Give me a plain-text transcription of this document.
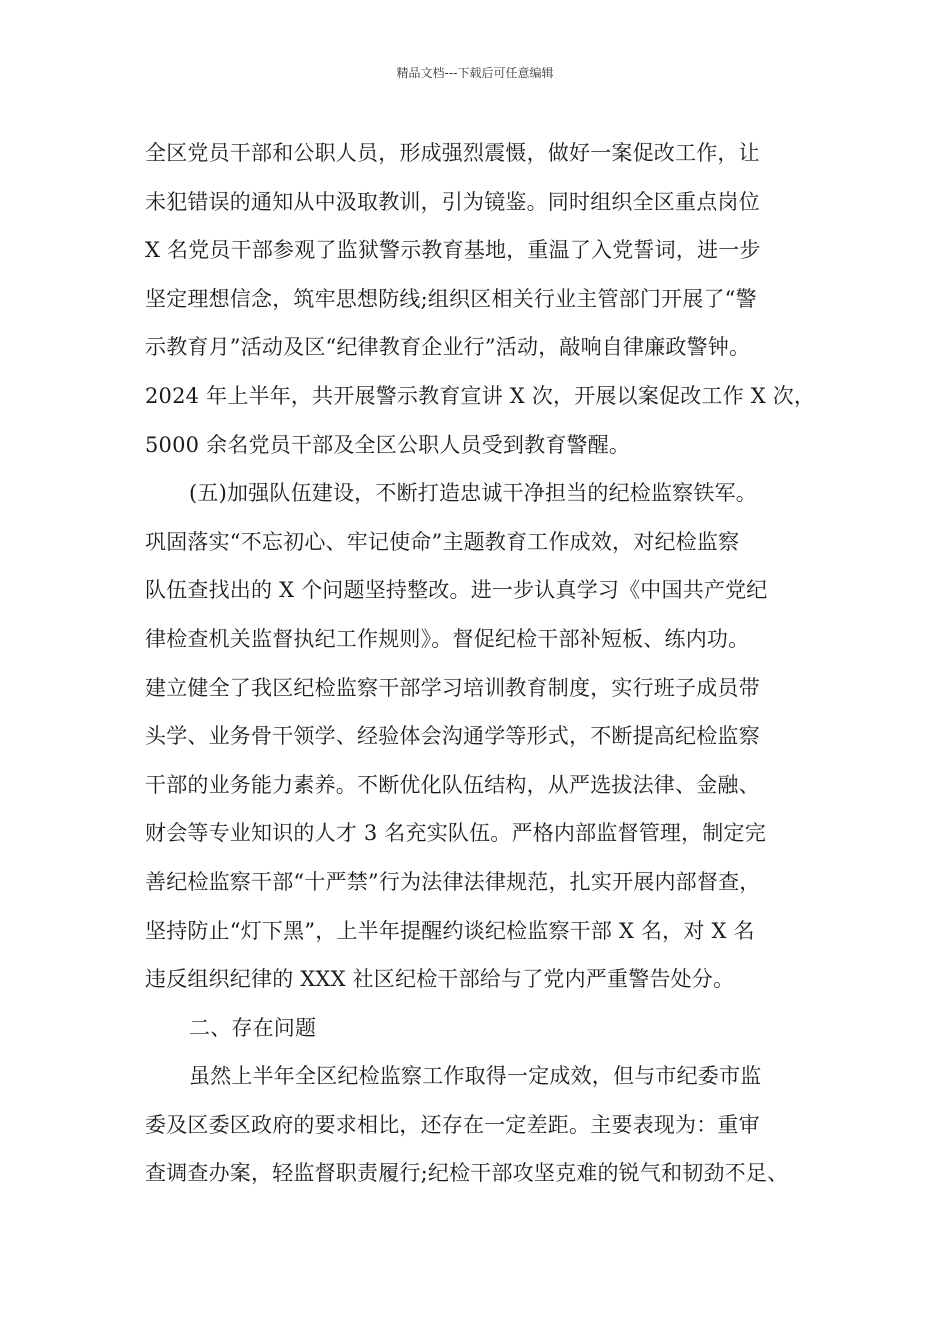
精品文档---下载后可任意编辑
全区党员干部和公职人员，形成强烈震慑，做好一案促改工作，让
未犯错误的通知从中汲取教训，引为镜鉴。同时组织全区重点岗位
X 名党员干部参观了监狱警示教育基地，重温了入党誓词，进一步
坚定理想信念，筑牢思想防线;组织区相关行业主管部门开展了“警
示教育月”活动及区“纪律教育企业行”活动，敲响自律廉政警钟。
2024 年上半年，共开展警示教育宣讲 X 次，开展以案促改工作 X 次，
5000 余名党员干部及全区公职人员受到教育警醒。
(五)加强队伍建设，不断打造忠诚干净担当的纪检监察铁军。
巩固落实“不忘初心、牢记使命”主题教育工作成效，对纪检监察
队伍查找出的 X 个问题坚持整改。进一步认真学习《中国共产党纪
律检查机关监督执纪工作规则》。督促纪检干部补短板、练内功。
建立健全了我区纪检监察干部学习培训教育制度，实行班子成员带
头学、业务骨干领学、经验体会沟通学等形式，不断提高纪检监察
干部的业务能力素养。不断优化队伍结构，从严选拔法律、金融、
财会等专业知识的人才 3 名充实队伍。严格内部监督管理，制定完
善纪检监察干部“十严禁”行为法律法律规范，扎实开展内部督查，
坚持防止“灯下黑”，上半年提醒约谈纪检监察干部 X 名，对 X 名
违反组织纪律的 XXX 社区纪检干部给与了党内严重警告处分。
二、存在问题
虽然上半年全区纪检监察工作取得一定成效，但与市纪委市监
委及区委区政府的要求相比，还存在一定差距。主要表现为：重审
查调查办案，轻监督职责履行;纪检干部攻坚克难的锐气和韧劲不足、
